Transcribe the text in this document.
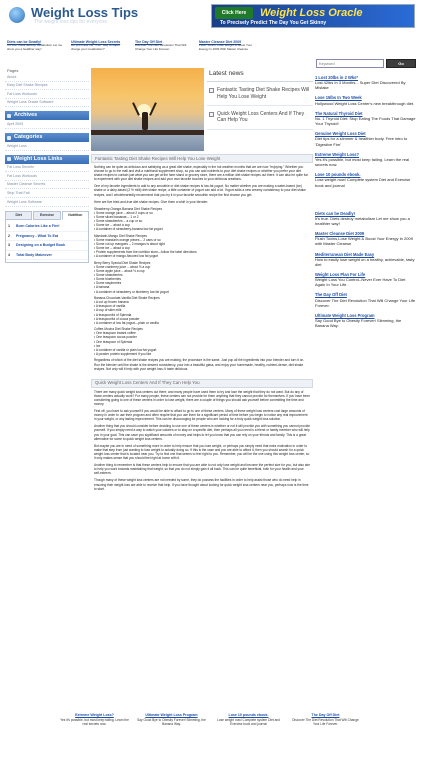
Weight Loss Tips
The weight loss tips for everyone
Click Here	Weight Loss Oracle
To Precisely Predict The Day You Get Skinny
Diets can be Deadly!
It's true. Diets destroy metabolism Let me show you a healthier way!
Ultimate Weight Loss Secrets
Do you know the *trick* way to super charge your metabolism?
The Day Off Diet
Discover The Diet Revolution That Will Change Your Life Forever.
Master Cleanse Diet 2009
Flush Toxins, Lose Weight & Boost Your Energy In 2009 With Master Cleanse
Keyword
Go
Pages
About
Easy Diet Shake Recipes
Fat Loss Workouts
Weight Loss Oracle Software
Archives
April 2009
Categories
Weight Loss
Weight Loss Links
Fat Loss Secrets
Fat Loss Workouts
Master Cleanse Secrets
Strip That Fat!
Weight Loss Software
Diet	Exercise	Nutrition
1	Burn Calories Like a Fire!
2	Pregnancy - What To Eat
3	Designing on a Budget Book
4	Total Body Makeover
Latest news
Fantastic Tasting Diet Shake Recipes Will Help You Lose Weight
Quick Weight Loss Centers And If They Can Help You
Fantastic Tasting Diet Shake Recipes Will Help You Lose Weight

Nothing can be quite as delicious and satisfying as a great diet shake, especially in the hot weather months that we are now "enjoying." Whether you choose to go to the mall and visit a nutritional supplement shop, so you can add nutrients to your diet shake recipes or whether you prefer your diet shake recipes to contain just what you can get at the farm stand or grocery store, there are a million diet shake recipes out there. It can also be quite fun to experiment with your diet shake recipes and add your own favorite touches to your delicious creations.

One of my favorite ingredients to add to any smoothie or diet shake recipes is low-fat yogurt. No matter whether you are making a water-based (ice) shake or a dairy-based (2 % milk) diet shake recipe, a little container of yogurt can add a lot. Yogurt adds a new creamy consistency to your diet shake recipes, and I wholeheartedly recommend that you try it in your favorite smoothie recipe the first chance you get.

Here are five tried-and-true diet shake recipes. Give them a whirl in your blender:

Strawberry-Orange-Banana Diet Shake Recipes
• Some orange juice -- about 2 cups or so
• Some sliced bananas -- 1 or 2
• Some strawberries -- a cup or so
• Some ice -- about a cup
• A container of strawberry-banana low fat yogurt
Mandarin-Mango Diet Shake Recipes
• Some mandarin orange pieces -- 2 cans or so
• Some cut up mangoes -- 2 mangos is about right
• Some ice -- about a cup
• Protein supplements from the nutrition store—follow the label directions
• A container of mango-flavored low fat yogurt
Berry Berry Special Diet Shake Recipes
• Some cranberry juice -- about ½ a cup
• Some apple juice -- about ½ a cup
• Some strawberries
• Some blueberries
• Some raspberries
• A banana
• A container of strawberry or blueberry low fat yogurt
Banana-Chocolate-Vanilla Diet Shake Recipes
• A cut up frozen banana
• A teaspoon of vanilla
• A cup of skim milk
• A teaspoonful of Splenda
• A teaspoonful of cocoa powder
• A container of low fat yogurt—plain or vanilla
Coffee-Mocha Diet Shake Recipes
• One teaspoon instant coffee
• One teaspoon cocoa powder
• One teaspoon of Splenda
• Ice
• A container of vanilla or plain low fat yogurt
• A powder protein supplement if you like

Regardless of which of the diet shake recipes you are making, the procedure is the same. Just pop all the ingredients into your blender and turn it on. Run the blender until the shake is the desired consistency, pour into a beautiful glass, and enjoy your homemade, healthy, nutrient-dense, diet shake recipes. Not only will it help with your weight loss; it taste delicious.

Quick Weight Loss Centers And If They Can Help You

There are many quick weight loss centers out there, and many people have used them to try and lose the weight that they do not want. But do any of those centers actually work? For many people, these centers can not provide for them anything that they cannot provide for themselves. If you have been considering going to one of these centers in order to lose weight, there are a couple of things you should ask yourself before committing the time and money.

First off, you have to ask yourself if you would be able to afford to go to one of these centers. Many of these weight loss centers cost large amounts of money in order to use their program and often require that you use them for a significant period of time before you begin to notice any real improvement in your weight, or any lasting improvement. This can be discouraging for people who are looking for a truly quick weight loss solution.

Another thing that you should consider before deciding to use one of these centers is whether or not it will provide you with something you cannot provide yourself. If you simply need a way to watch your calories or to stay on a specific diet, then perhaps all you need is a friend or family member who will help you in your goal. This can save you significant amounts of money and helps to let you know that you can rely on your friends and family. This is a great alternative for some to quick weight loss centers.

But maybe you are in need of something more in order to help ensure that you lose weight, or perhaps you simply need that extra motivation in order to make that step from just wanting to lose weight to actually doing so. If this is the case and you are able to afford it, then you should search for a quick weight loss center that is located near you. Try to find one that seems to feel right to you. Remember, you will be the one using this weight loss center, so it only makes sense that you should feel right at home with it.

Another thing to remember is that these centers help to ensure that you are able to not only lose weight and become the perfect size for you, but also aim to help you work towards maintaining that weight, so that you do not simply gain it all back. This can be quite beneficial, both for your health and your self-esteem.

Though many of these weight loss centers are not needed by some, they do possess the facilities in order to help assist those who do need help in ensuring their weight loss are able to receive that help. If you have thought about looking for quick weight loss centers near you, perhaps now is the time to start.

1 Lost 20lbs in 2 Wks*
Lost 42lbs In 3 Months... Super Diet Discovered By Mistake
Lose 15lbs In Two Week
Hollywood Weight Loss Center's new breakthrough diet.
The Natural Thyroid Diet
No. 1 Thyroid Diet: Stop Eating The Foods That Damage Your Thyroid!
Genuine Weight Loss Diet
Diet tips for a slimmer & healthier body. Free intro to 'Digestive Fire'
Extreme Weight Loss?
Yes it's possible, but most keep failing. Learn the real secrets now.
Lose 10 pounds ebook.
Lose weight now! Complete system Diet and Exercise book and journal
Diets can be Deadly!
It's true. Diets destroy metabolism Let me show you a healthier way!
Master Cleanse Diet 2009
Flush Toxins,Lose Weight & Boost Your Energy In 2009 with Master Cleanse
Mediterranean Diet Made Easy
How to easily lose weight on a healthy, achievable, tasty diet
Weight Loss Plan For Life
Weight Loss You Control--Never Ever Have To Diet Again In Your Life.
The Day Off Diet
Discover The Diet Revolution That Will Change Your Life Forever.
Ultimate Weight Loss Program
Say Good Bye to Obesity Forever! Slimming, the Banana Way.
Extreme Weight Loss?
Yes it's possible, but most keep failing. Learn the real secrets now.
Ultimate Weight Loss Program
Say Good Bye to Obesity Forever! Slimming, the Banana Way.
Lose 10 pounds ebook.
Lose weight now! Complete system Diet and Exercise book and journal
The Day Off Diet
Discover The Diet Revolution That Will Change Your Life Forever.
